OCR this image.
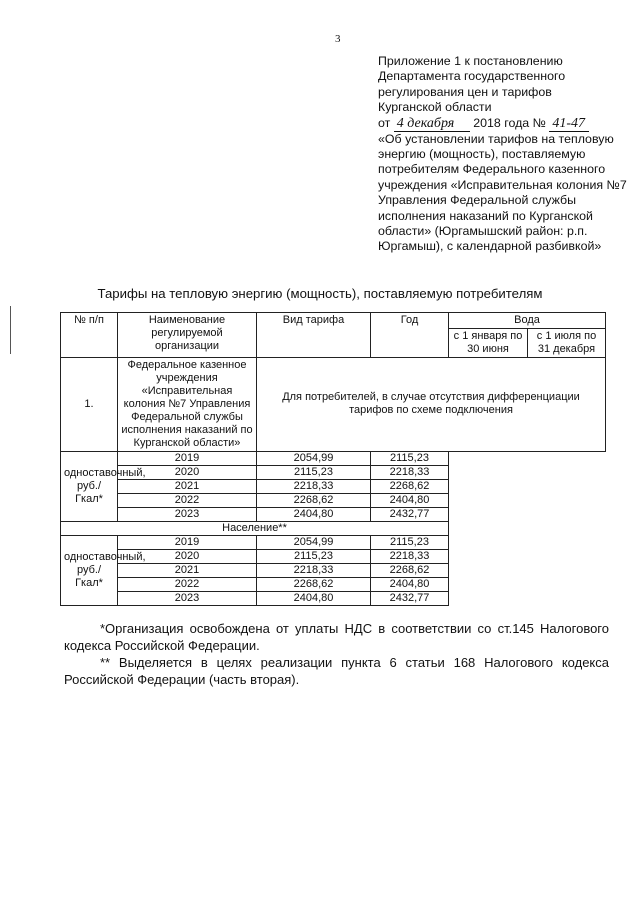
3
Приложение 1 к постановлению
Департамента государственного
регулирования цен и тарифов
Курганской области
от 4 декабря 2018 года № 41-47
«Об установлении тарифов на тепловую энергию (мощность), поставляемую потребителям Федерального казенного учреждения «Исправительная колония №7 Управления Федеральной службы исполнения наказаний по Курганской области» (Юргамышский район: р.п. Юргамыш), с календарной разбивкой»
Тарифы на тепловую энергию (мощность), поставляемую потребителям
№ п/п	Наименование регулируемой организации	Вид тарифа	Год	Вода	
				с 1 января по 30 июня	с 1 июля по 31 декабря
1.	Федеральное казенное учреждения «Исправительная колония №7 Управления Федеральной службы исполнения наказаний по Курганской области»	Для потребителей, в случае отсутствия дифференциации тарифов по схеме подключения			
одноставочный, руб./Гкал*	2019	2054,99	2115,23		
	2020	2115,23	2218,33		
	2021	2218,33	2268,62		
	2022	2268,62	2404,80		
	2023	2404,80	2432,77		
Население**					
одноставочный, руб./Гкал*	2019	2054,99	2115,23		
	2020	2115,23	2218,33		
	2021	2218,33	2268,62		
	2022	2268,62	2404,80		
	2023	2404,80	2432,77		

*Организация освобождена от уплаты НДС в соответствии со ст.145 Налогового кодекса Российской Федерации.

** Выделяется в целях реализации пункта 6 статьи 168 Налогового кодекса Российской Федерации (часть вторая).
